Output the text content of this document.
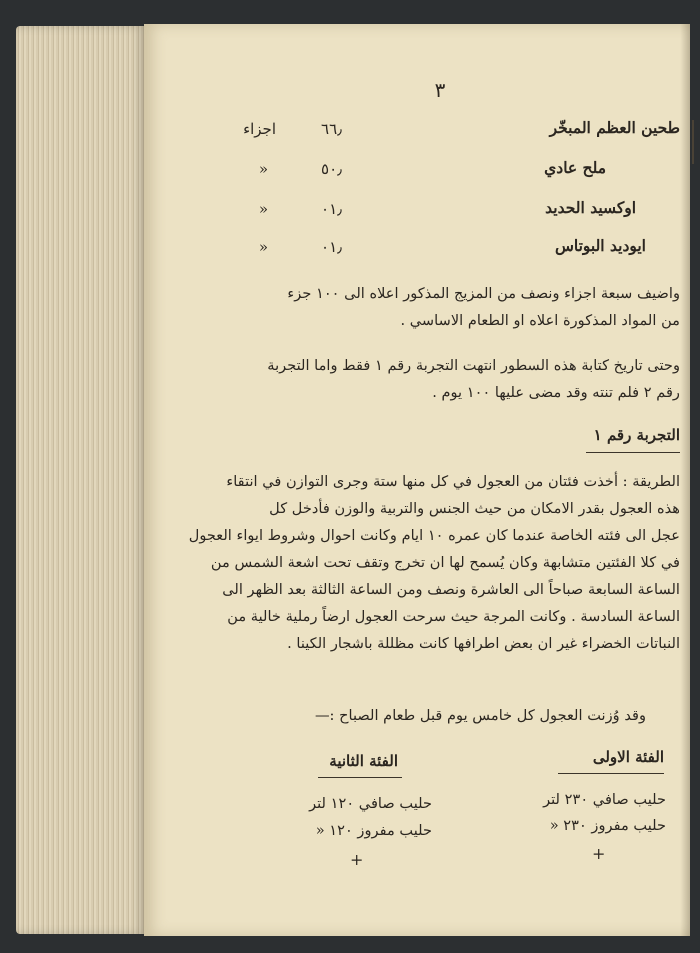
٣
طحين العظم المبخّر
٦٦٫
اجزاء
ملح عادي
٥٠٫
«
اوكسيد الحديد
٠١٫
«
ايوديد البوتاس
٠١٫
«
واضيف سبعة اجزاء ونصف من المزيج المذكور اعلاه الى ١٠٠ جزء
من المواد المذكورة اعلاه او الطعام الاساسي .
وحتى تاريخ كتابة هذه السطور انتهت التجربة رقم ١ فقط واما التجربة
رقم ٢ فلم تنته وقد مضى عليها ١٠٠ يوم .
التجربة رقم ١
الطريقة : أخذت فئتان من العجول في كل منها ستة وجرى التوازن في انتقاء
هذه العجول بقدر الامكان من حيث الجنس والتربية والوزن فأدخل كل
عجل الى فئته الخاصة عندما كان عمره ١٠ ايام وكانت احوال وشروط ايواء العجول
في كلا الفئتين متشابهة وكان يُسمح لها ان تخرج وتقف تحت اشعة الشمس من
الساعة السابعة صباحاً الى العاشرة ونصف ومن الساعة الثالثة بعد الظهر الى
الساعة السادسة . وكانت المرجة حيث سرحت العجول ارضاً رملية خالية من
النباتات الخضراء غير ان بعض اطرافها كانت مظللة باشجار الكينا .
وقد وُزنت العجول كل خامس يوم قبل طعام الصباح :—
الفئة الاولى
حليب صافي ٢٣٠ لتر
حليب مفروز ٢٣٠ «
+
الفئة الثانية
حليب صافي ١٢٠ لتر
حليب مفروز ١٢٠ «
+
